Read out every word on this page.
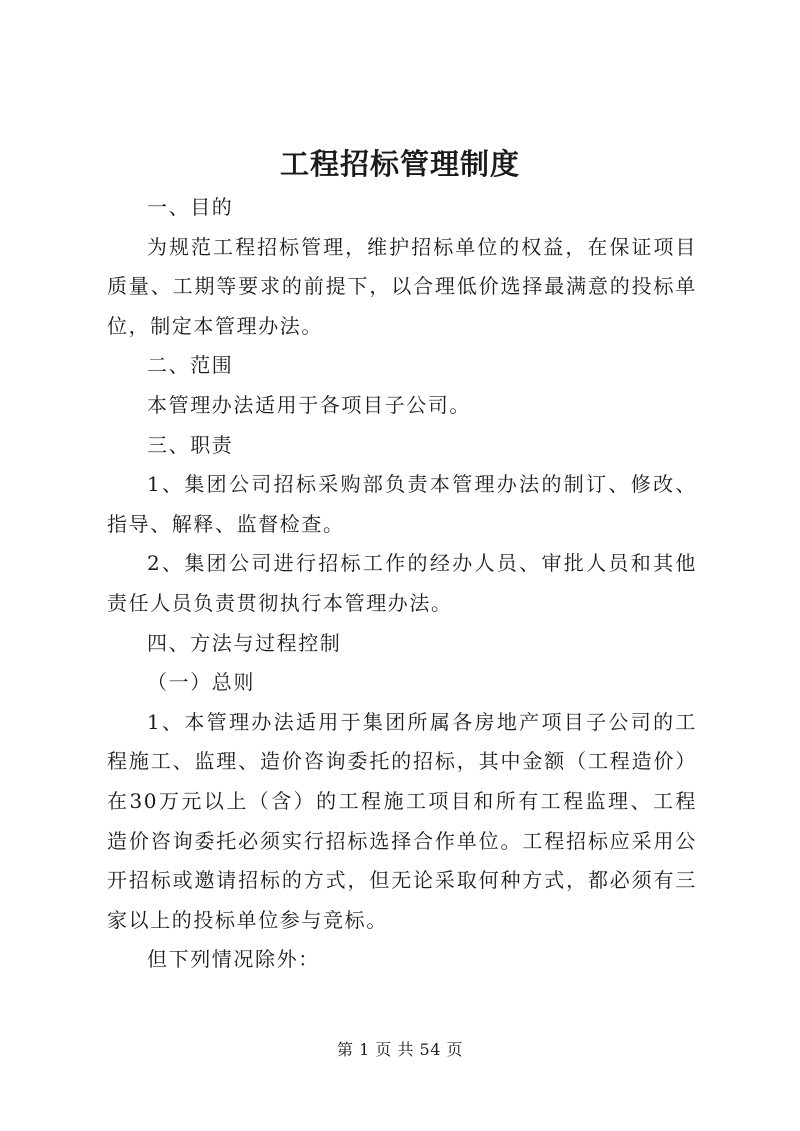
工程招标管理制度

一、目的

为规范工程招标管理，维护招标单位的权益，在保证项目质量、工期等要求的前提下，以合理低价选择最满意的投标单位，制定本管理办法。

二、范围

本管理办法适用于各项目子公司。

三、职责

1、集团公司招标采购部负责本管理办法的制订、修改、指导、解释、监督检查。

2、集团公司进行招标工作的经办人员、审批人员和其他责任人员负责贯彻执行本管理办法。

四、方法与过程控制

（一）总则

1、本管理办法适用于集团所属各房地产项目子公司的工程施工、监理、造价咨询委托的招标，其中金额（工程造价）在30万元以上（含）的工程施工项目和所有工程监理、工程造价咨询委托必须实行招标选择合作单位。工程招标应采用公开招标或邀请招标的方式，但无论采取何种方式，都必须有三家以上的投标单位参与竞标。

但下列情况除外：

第 1 页 共 54 页
